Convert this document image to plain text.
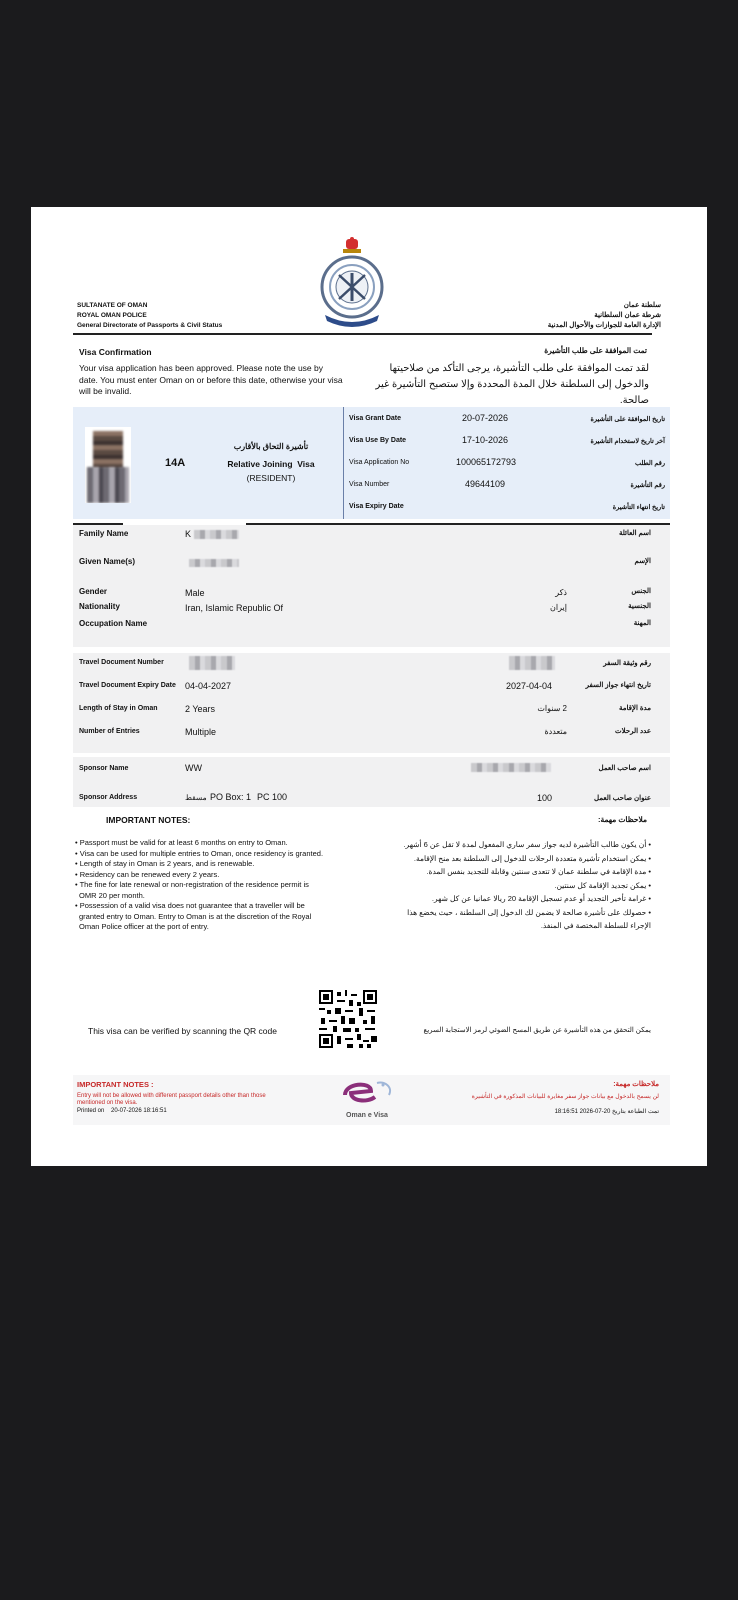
SULTANATE OF OMAN
ROYAL OMAN POLICE
General Directorate of Passports & Civil Status
سلطنة عمان
شرطة عمان السلطانية
الإدارة العامة للجوازات والأحوال المدنية
Visa Confirmation	تمت الموافقة على طلب التأشيرة
Your visa application has been approved. Please note the use by date. You must enter Oman on or before this date, otherwise your visa will be invalid.
لقد تمت الموافقة على طلب التأشيرة، يرجى التأكد من صلاحيتها والدخول إلى السلطنة خلال المدة المحددة وإلا ستصبح التأشيرة غير صالحة.
14A
تأشيرة التحاق بالأقارب
Relative Joining  Visa
(RESIDENT)
Visa Grant Date	20-07-2026	تاريخ الموافقة على التأشيرة
Visa Use By Date	17-10-2026	آخر تاريخ لاستخدام التأشيرة
Visa Application No	100065172793	رقم الطلب
Visa Number	49644109	رقم التأشيرة
Visa Expiry Date	تاريخ انتهاء التأشيرة
Family Name	K	اسم العائلة
Given Name(s)	الإسم
Gender	Male	ذكر	الجنس
Nationality	Iran, Islamic Republic Of	إيران	الجنسية
Occupation Name	المهنة
Travel Document Number	رقم وثيقة السفر
Travel Document Expiry Date 04-04-2027	2027-04-04	تاريخ انتهاء جواز السفر
Length of Stay in Oman	2 Years	2 سنوات	مدة الإقامة
Number of Entries	Multiple	متعددة	عدد الرحلات
Sponsor Name	WW	اسم صاحب العمل
Sponsor Address	مسقط PO Box: 1 PC 100	100	عنوان صاحب العمل
IMPORTANT NOTES:	ملاحظات مهمة:
• Passport must be valid for at least 6 months on entry to Oman.
• Visa can be used for multiple entries to Oman, once residency is granted.
• Length of stay in Oman is 2 years, and is renewable.
• Residency can be renewed every 2 years.
• The fine for late renewal or non-registration of the residence permit is
OMR 20 per month.
• Possession of a valid visa does not guarantee that a traveller will be
granted entry to Oman. Entry to Oman is at the discretion of the Royal
Oman Police officer at the port of entry.
• أن يكون طالب التأشيرة لديه جواز سفر ساري المفعول لمدة لا تقل عن 6 أشهر.
• يمكن استخدام تأشيرة متعددة الرحلات للدخول إلى السلطنة بعد منح الإقامة.
• مدة الإقامة في سلطنة عمان لا تتعدى سنتين وقابلة للتجديد بنفس المدة.
• يمكن تجديد الإقامة كل سنتين.
• غرامة تأخير التجديد أو عدم تسجيل الإقامة 20 ريالا عمانيا عن كل شهر.
• حصولك على تأشيرة صالحة لا يضمن لك الدخول إلى السلطنة ، حيث يخضع هذا
الإجراء للسلطة المختصة في المنفذ.
This visa can be verified by scanning the QR code	يمكن التحقق من هذه التأشيرة عن طريق المسح الضوئي لرمز الاستجابة السريع
IMPORTANT NOTES :
Entry will not be allowed with different passport details other than those mentioned on the visa.
Printed on 20-07-2026 18:16:51
Oman e Visa
ملاحظات مهمة:
لن يسمح بالدخول مع بيانات جواز سفر مغايرة للبيانات المذكورة في التأشيرة
تمت الطباعة بتاريخ 20-07-2026 18:16:51
